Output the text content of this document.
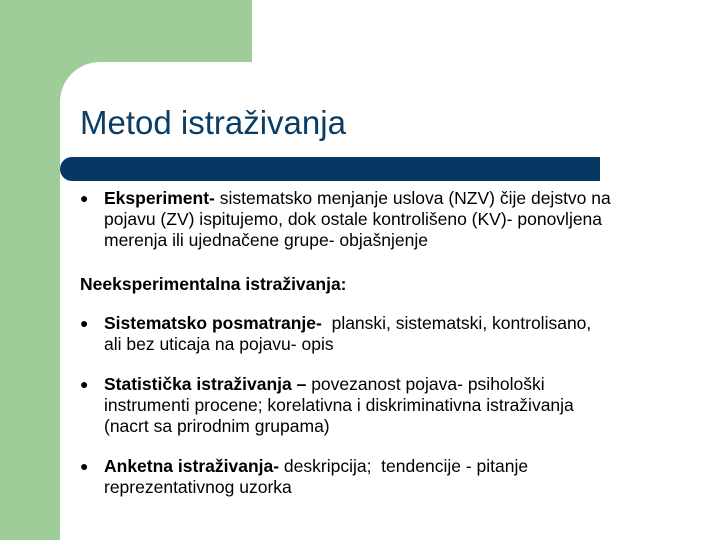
Metod istraživanja
● Eksperiment- sistematsko menjanje uslova (NZV) čije dejstvo na
pojavu (ZV) ispitujemo, dok ostale kontrolišeno (KV)- ponovljena
merenja ili ujednačene grupe- objašnjenje
Neeksperimentalna istraživanja:
● Sistematsko posmatranje-  planski, sistematski, kontrolisano,
ali bez uticaja na pojavu- opis
● Statistička istraživanja – povezanost pojava- psihološki
instrumenti procene; korelativna i diskriminativna istraživanja
(nacrt sa prirodnim grupama)
● Anketna istraživanja- deskripcija;  tendencije - pitanje
reprezentativnog uzorka
